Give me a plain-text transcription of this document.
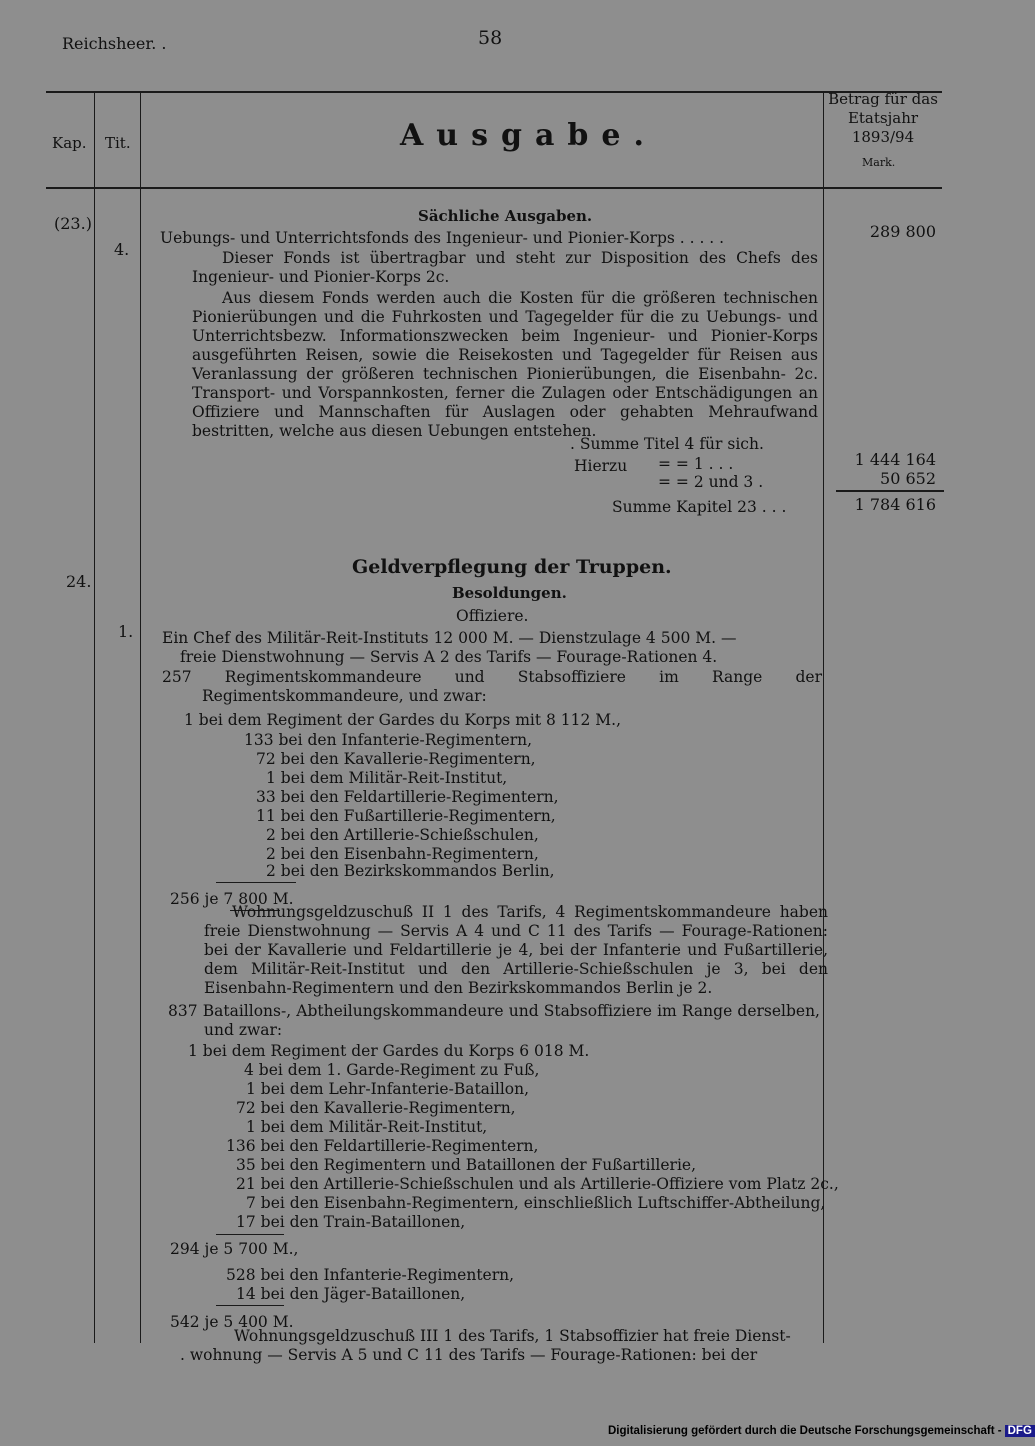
Reichsheer. .	58
Kap. Tit.	Ausgabe.
Betrag für das Etatsjahr 1893/94
Mark.
(23.)	Sächliche Ausgaben.
4.
Uebungs- und Unterrichtsfonds des Ingenieur- und Pionier-Korps . . . . .	289 800
Dieser Fonds ist übertragbar und steht zur Disposition des Chefs des Ingenieur- und Pionier-Korps 2c.
Aus diesem Fonds werden auch die Kosten für die größeren technischen Pionierübungen und die Fuhrkosten und Tagegelder für die zu Uebungs- und Unterrichtsbezw. Informationszwecken beim Ingenieur- und Pionier-Korps ausgeführten Reisen, sowie die Reisekosten und Tagegelder für Reisen aus Veranlassung der größeren technischen Pionierübungen, die Eisenbahn- 2c. Transport- und Vorspannkosten, ferner die Zulagen oder Entschädigungen an Offiziere und Mannschaften für Auslagen oder gehabten Mehraufwand bestritten, welche aus diesen Uebungen entstehen.
. Summe Titel 4 für sich.
Hierzu = = 1 . . .	1 444 164
= = 2 und 3 .	50 652
Summe Kapitel 23 . . .	1 784 616
24.
Geldverpflegung der Truppen.
Besoldungen.
Offiziere.
1. Ein Chef des Militär-Reit-Instituts 12 000 M. — Dienstzulage 4 500 M. —
freie Dienstwohnung — Servis A 2 des Tarifs — Fourage-Rationen 4.
257 Regimentskommandeure und Stabsoffiziere im Range der Regimentskommandeure, und zwar:
1 bei dem Regiment der Gardes du Korps mit 8 112 M.,
133 bei den Infanterie-Regimentern,
72 bei den Kavallerie-Regimentern,
1 bei dem Militär-Reit-Institut,
33 bei den Feldartillerie-Regimentern,
11 bei den Fußartillerie-Regimentern,
2 bei den Artillerie-Schießschulen,
2 bei den Eisenbahn-Regimentern,
2 bei den Bezirkskommandos Berlin,
256 je 7 800 M.
Wohnungsgeldzuschuß II 1 des Tarifs, 4 Regimentskommandeure haben freie Dienstwohnung — Servis A 4 und C 11 des Tarifs — Fourage-Rationen: bei der Kavallerie und Feldartillerie je 4, bei der Infanterie und Fußartillerie, dem Militär-Reit-Institut und den Artillerie-Schießschulen je 3, bei den Eisenbahn-Regimentern und den Bezirkskommandos Berlin je 2.
837 Bataillons-, Abtheilungskommandeure und Stabsoffiziere im Range derselben, und zwar:
1 bei dem Regiment der Gardes du Korps 6 018 M.
4 bei dem 1. Garde-Regiment zu Fuß,
1 bei dem Lehr-Infanterie-Bataillon,
72 bei den Kavallerie-Regimentern,
1 bei dem Militär-Reit-Institut,
136 bei den Feldartillerie-Regimentern,
35 bei den Regimentern und Bataillonen der Fußartillerie,
21 bei den Artillerie-Schießschulen und als Artillerie-Offiziere vom Platz 2c.,
7 bei den Eisenbahn-Regimentern, einschließlich Luftschiffer-Abtheilung,
17 bei den Train-Bataillonen,
294 je 5 700 M.,
528 bei den Infanterie-Regimentern,
14 bei den Jäger-Bataillonen,
542 je 5 400 M.
Wohnungsgeldzuschuß III 1 des Tarifs, 1 Stabsoffizier hat freie Dienst-
. wohnung — Servis A 5 und C 11 des Tarifs — Fourage-Rationen: bei der
Digitalisierung gefördert durch die Deutsche Forschungsgemeinschaft - DFG
